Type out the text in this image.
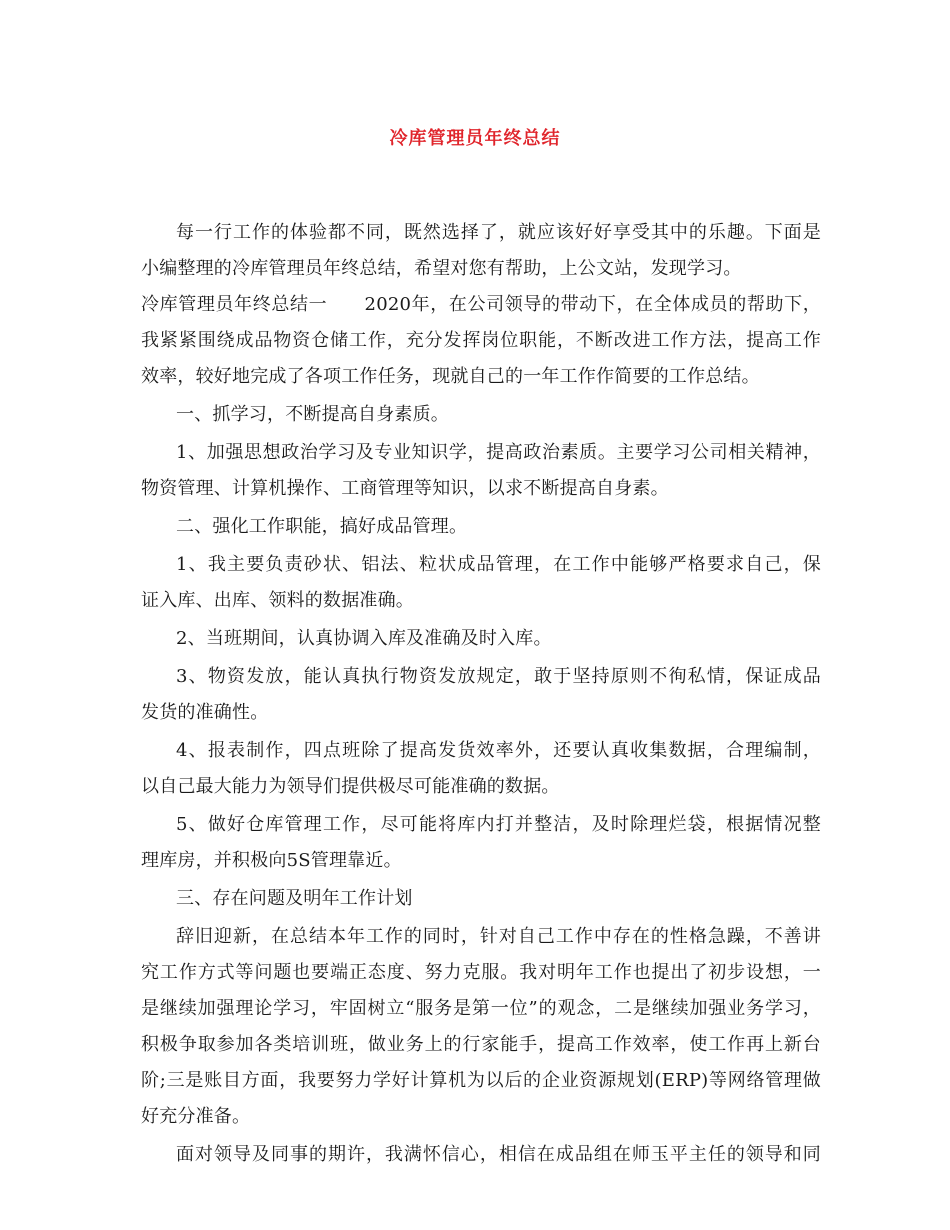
冷库管理员年终总结
每一行工作的体验都不同，既然选择了，就应该好好享受其中的乐趣。下面是
小编整理的冷库管理员年终总结，希望对您有帮助，上公文站，发现学习。
冷库管理员年终总结一　　2020年，在公司领导的带动下，在全体成员的帮助下，
我紧紧围绕成品物资仓储工作，充分发挥岗位职能，不断改进工作方法，提高工作
效率，较好地完成了各项工作任务，现就自己的一年工作作简要的工作总结。
一、抓学习，不断提高自身素质。
1、加强思想政治学习及专业知识学，提高政治素质。主要学习公司相关精神，
物资管理、计算机操作、工商管理等知识，以求不断提高自身素。
二、强化工作职能，搞好成品管理。
1、我主要负责砂状、铝法、粒状成品管理，在工作中能够严格要求自己，保
证入库、出库、领料的数据准确。
2、当班期间，认真协调入库及准确及时入库。
3、物资发放，能认真执行物资发放规定，敢于坚持原则不徇私情，保证成品
发货的准确性。
4、报表制作，四点班除了提高发货效率外，还要认真收集数据，合理编制，
以自己最大能力为领导们提供极尽可能准确的数据。
5、做好仓库管理工作，尽可能将库内打并整洁，及时除理烂袋，根据情况整
理库房，并积极向5S管理靠近。
三、存在问题及明年工作计划
辞旧迎新，在总结本年工作的同时，针对自己工作中存在的性格急躁，不善讲
究工作方式等问题也要端正态度、努力克服。我对明年工作也提出了初步设想，一
是继续加强理论学习，牢固树立“服务是第一位”的观念，二是继续加强业务学习，
积极争取参加各类培训班，做业务上的行家能手，提高工作效率，使工作再上新台
阶;三是账目方面，我要努力学好计算机为以后的企业资源规划(ERP)等网络管理做
好充分准备。
面对领导及同事的期许，我满怀信心，相信在成品组在师玉平主任的领导和同
